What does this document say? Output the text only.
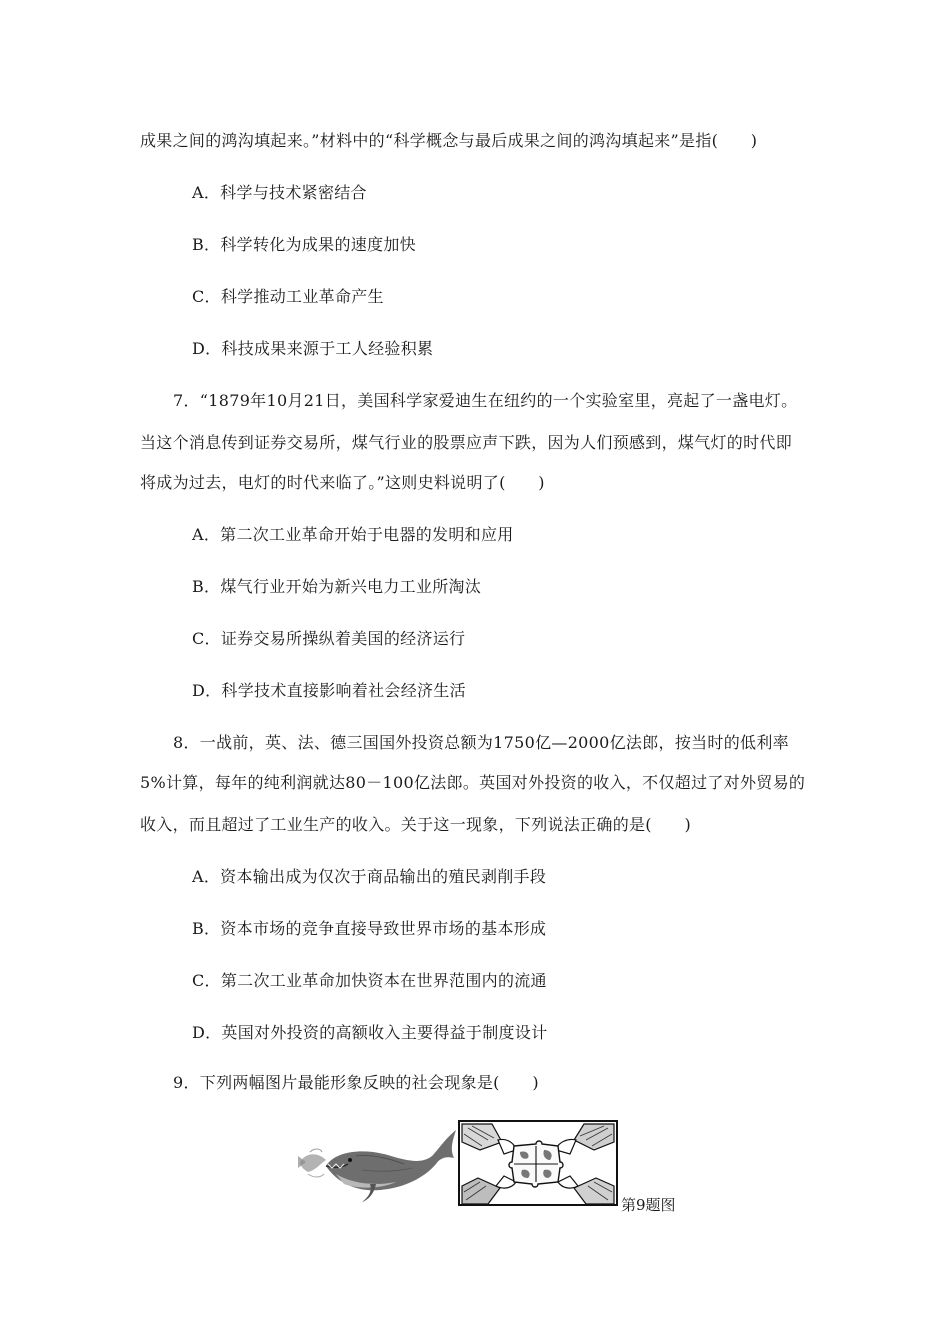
成果之间的鸿沟填起来。”材料中的“科学概念与最后成果之间的鸿沟填起来”是指(　　)
A．科学与技术紧密结合
B．科学转化为成果的速度加快
C．科学推动工业革命产生
D．科技成果来源于工人经验积累
7．“1879年10月21日，美国科学家爱迪生在纽约的一个实验室里，亮起了一盏电灯。
当这个消息传到证券交易所，煤气行业的股票应声下跌，因为人们预感到，煤气灯的时代即
将成为过去，电灯的时代来临了。”这则史料说明了(　　)
A．第二次工业革命开始于电器的发明和应用
B．煤气行业开始为新兴电力工业所淘汰
C．证券交易所操纵着美国的经济运行
D．科学技术直接影响着社会经济生活
8．一战前，英、法、德三国国外投资总额为1750亿—2000亿法郎，按当时的低利率
5%计算，每年的纯利润就达80－100亿法郎。英国对外投资的收入，不仅超过了对外贸易的
收入，而且超过了工业生产的收入。关于这一现象，下列说法正确的是(　　)
A．资本输出成为仅次于商品输出的殖民剥削手段
B．资本市场的竞争直接导致世界市场的基本形成
C．第二次工业革命加快资本在世界范围内的流通
D．英国对外投资的高额收入主要得益于制度设计
9．下列两幅图片最能形象反映的社会现象是(　　)
第9题图
